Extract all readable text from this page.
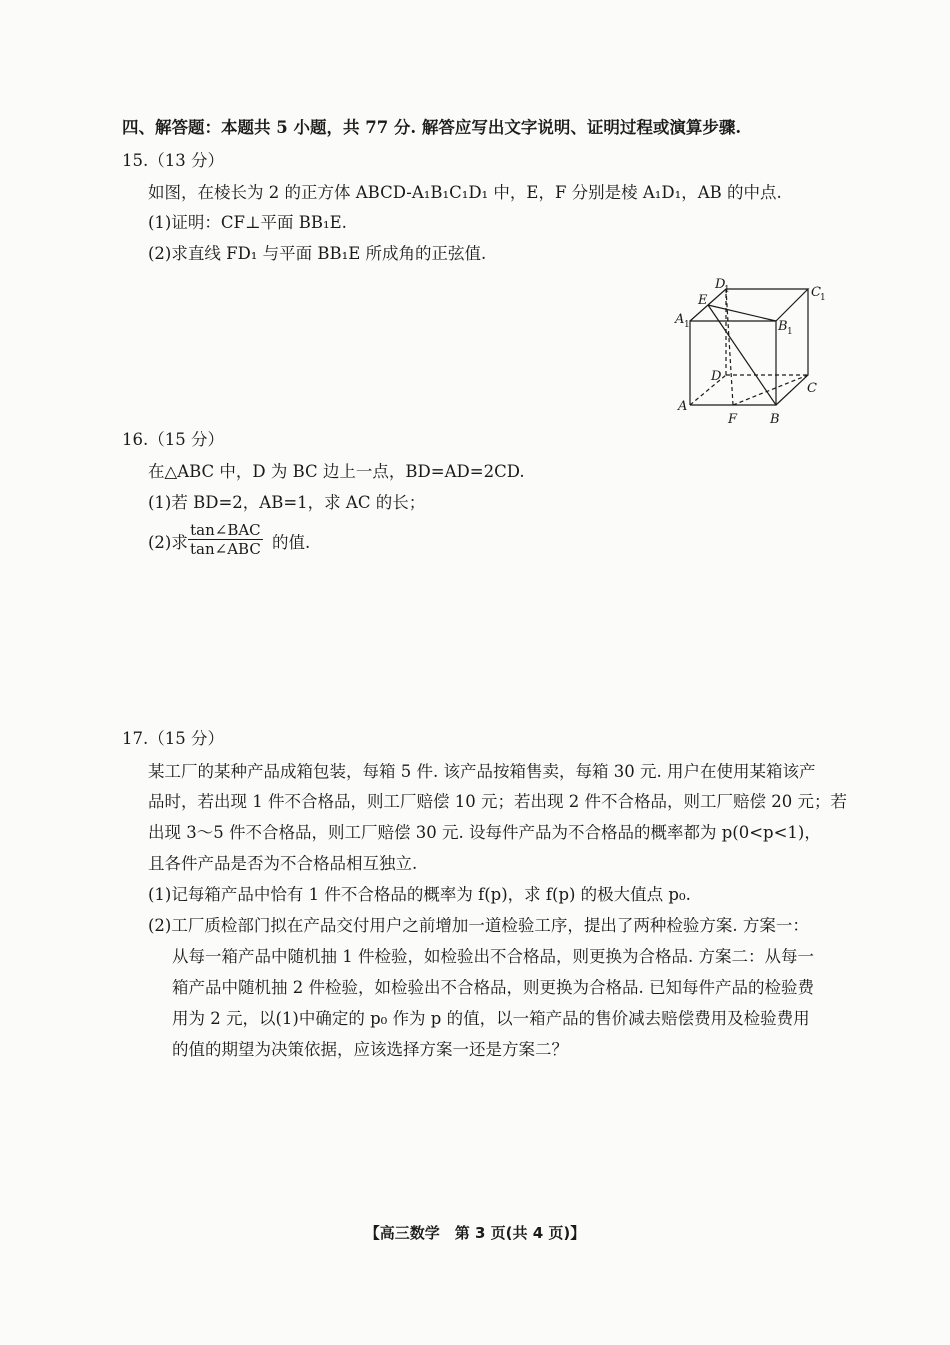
四、解答题：本题共 5 小题，共 77 分. 解答应写出文字说明、证明过程或演算步骤.
15.（13 分）
如图，在棱长为 2 的正方体 ABCD-A₁B₁C₁D₁ 中，E，F 分别是棱 A₁D₁，AB 的中点.
(1)证明：CF⊥平面 BB₁E.
(2)求直线 FD₁ 与平面 BB₁E 所成角的正弦值.
D
1	C 1
E
A 1	B 1
D
C
A
F	B
16.（15 分）
在△ABC 中，D 为 BC 边上一点，BD=AD=2CD.
(1)若 BD=2，AB=1，求 AC 的长；
(2)求
tan∠BAC
tan∠ABC 的值.
17.（15 分）
某工厂的某种产品成箱包装，每箱 5 件. 该产品按箱售卖，每箱 30 元. 用户在使用某箱该产
品时，若出现 1 件不合格品，则工厂赔偿 10 元；若出现 2 件不合格品，则工厂赔偿 20 元；若
出现 3～5 件不合格品，则工厂赔偿 30 元. 设每件产品为不合格品的概率都为 p(0<p<1)，
且各件产品是否为不合格品相互独立.
(1)记每箱产品中恰有 1 件不合格品的概率为 f(p)，求 f(p) 的极大值点 p₀.
(2)工厂质检部门拟在产品交付用户之前增加一道检验工序，提出了两种检验方案. 方案一：
从每一箱产品中随机抽 1 件检验，如检验出不合格品，则更换为合格品. 方案二：从每一
箱产品中随机抽 2 件检验，如检验出不合格品，则更换为合格品. 已知每件产品的检验费
用为 2 元，以(1)中确定的 p₀ 作为 p 的值，以一箱产品的售价减去赔偿费用及检验费用
的值的期望为决策依据，应该选择方案一还是方案二？
【高三数学　第 3 页(共 4 页)】
